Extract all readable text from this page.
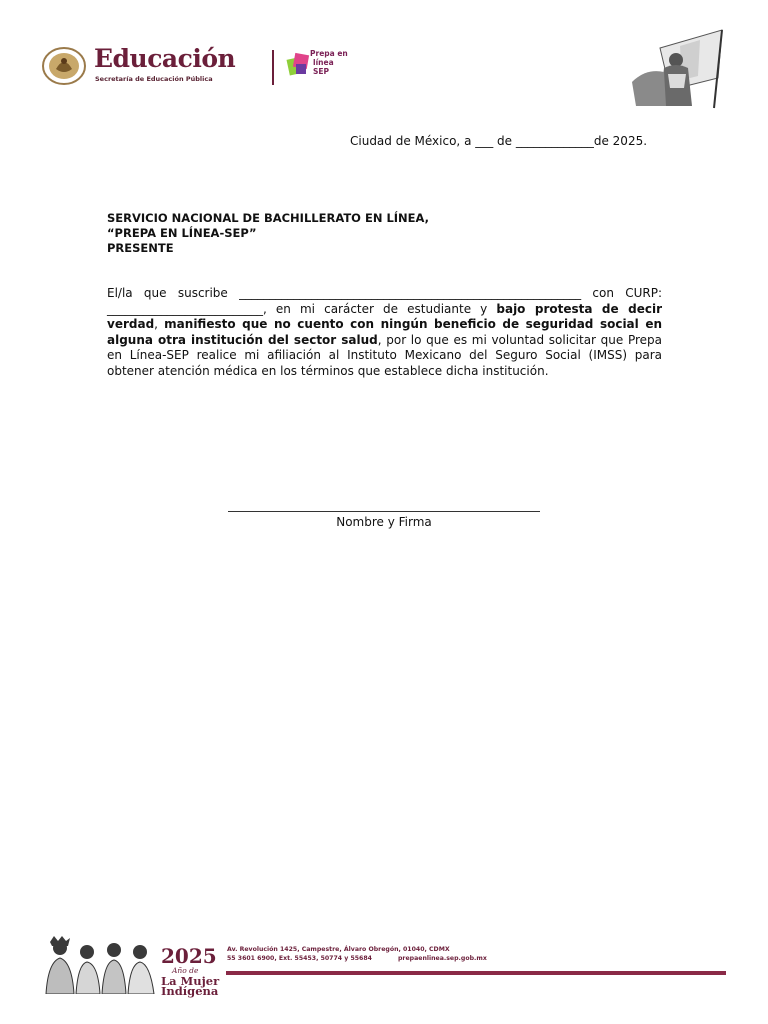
Educación
Secretaría de Educación Pública
Prepa en
línea
SEP
Ciudad de México, a ___ de _____________de 2025.
SERVICIO NACIONAL DE BACHILLERATO EN LÍNEA,
“PREPA EN LÍNEA-SEP”
PRESENTE
El/la que suscribe _________________________________________________________ con CURP: __________________________, en mi carácter de estudiante y bajo protesta de decir verdad, manifiesto que no cuento con ningún beneficio de seguridad social en alguna otra institución del sector salud, por lo que es mi voluntad solicitar que Prepa en Línea-SEP realice mi afiliación al Instituto Mexicano del Seguro Social (IMSS) para obtener atención médica en los términos que establece dicha institución.
Nombre y Firma
2025
Año de
La Mujer
Indígena
Av. Revolución 1425, Campestre, Álvaro Obregón, 01040, CDMX
55 3601 6900, Ext. 55453, 50774 y 55684	prepaenlinea.sep.gob.mx
